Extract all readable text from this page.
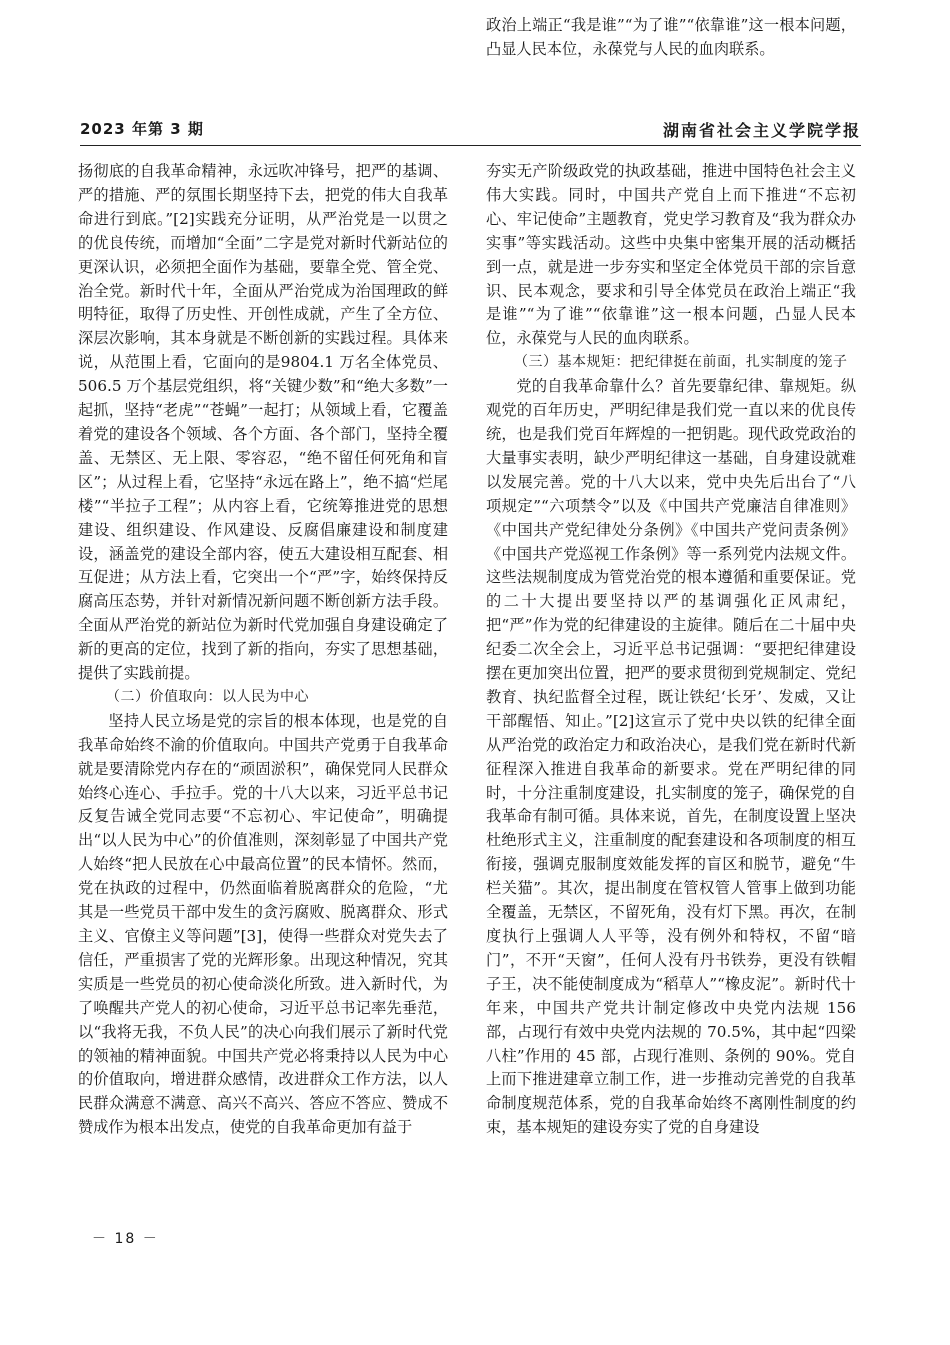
政治上端正“我是谁”“为了谁”“依靠谁”这一根本问题，凸显人民本位，永葆党与人民的血肉联系。

2023 年第 3 期	湖南省社会主义学院学报

扬彻底的自我革命精神，永远吹冲锋号，把严的基调、严的措施、严的氛围长期坚持下去，把党的伟大自我革命进行到底。”[2]实践充分证明，从严治党是一以贯之的优良传统，而增加“全面”二字是党对新时代新站位的更深认识，必须把全面作为基础，要靠全党、管全党、治全党。新时代十年，全面从严治党成为治国理政的鲜明特征，取得了历史性、开创性成就，产生了全方位、深层次影响，其本身就是不断创新的实践过程。具体来说，从范围上看，它面向的是9804.1 万名全体党员、506.5 万个基层党组织，将“关键少数”和“绝大多数”一起抓，坚持“老虎”“苍蝇”一起打；从领域上看，它覆盖着党的建设各个领域、各个方面、各个部门，坚持全覆盖、无禁区、无上限、零容忍，“绝不留任何死角和盲区”；从过程上看，它坚持“永远在路上”，绝不搞“烂尾楼”“半拉子工程”；从内容上看，它统筹推进党的思想建设、组织建设、作风建设、反腐倡廉建设和制度建设，涵盖党的建设全部内容，使五大建设相互配套、相互促进；从方法上看，它突出一个“严”字，始终保持反腐高压态势，并针对新情况新问题不断创新方法手段。全面从严治党的新站位为新时代党加强自身建设确定了新的更高的定位，找到了新的指向，夯实了思想基础，提供了实践前提。

（二）价值取向：以人民为中心

坚持人民立场是党的宗旨的根本体现，也是党的自我革命始终不渝的价值取向。中国共产党勇于自我革命就是要清除党内存在的“顽固淤积”，确保党同人民群众始终心连心、手拉手。党的十八大以来，习近平总书记反复告诫全党同志要“不忘初心、牢记使命”，明确提出“以人民为中心”的价值准则，深刻彰显了中国共产党人始终“把人民放在心中最高位置”的民本情怀。然而，党在执政的过程中，仍然面临着脱离群众的危险，“尤其是一些党员干部中发生的贪污腐败、脱离群众、形式主义、官僚主义等问题”[3]，使得一些群众对党失去了信任，严重损害了党的光辉形象。出现这种情况，究其实质是一些党员的初心使命淡化所致。进入新时代，为了唤醒共产党人的初心使命，习近平总书记率先垂范，以“我将无我，不负人民”的决心向我们展示了新时代党的领袖的精神面貌。中国共产党必将秉持以人民为中心的价值取向，增进群众感情，改进群众工作方法，以人民群众满意不满意、高兴不高兴、答应不答应、赞成不赞成作为根本出发点，使党的自我革命更加有益于

夯实无产阶级政党的执政基础，推进中国特色社会主义伟大实践。同时，中国共产党自上而下推进“不忘初心、牢记使命”主题教育，党史学习教育及“我为群众办实事”等实践活动。这些中央集中密集开展的活动概括到一点，就是进一步夯实和坚定全体党员干部的宗旨意识、民本观念，要求和引导全体党员在政治上端正“我是谁”“为了谁”“依靠谁”这一根本问题，凸显人民本位，永葆党与人民的血肉联系。

（三）基本规矩：把纪律挺在前面，扎实制度的笼子

党的自我革命靠什么？首先要靠纪律、靠规矩。纵观党的百年历史，严明纪律是我们党一直以来的优良传统，也是我们党百年辉煌的一把钥匙。现代政党政治的大量事实表明，缺少严明纪律这一基础，自身建设就难以发展完善。党的十八大以来，党中央先后出台了“八项规定”“六项禁令”以及《中国共产党廉洁自律准则》《中国共产党纪律处分条例》《中国共产党问责条例》《中国共产党巡视工作条例》等一系列党内法规文件。这些法规制度成为管党治党的根本遵循和重要保证。党的二十大提出要坚持以严的基调强化正风肃纪，把“严”作为党的纪律建设的主旋律。随后在二十届中央纪委二次全会上，习近平总书记强调：“要把纪律建设摆在更加突出位置，把严的要求贯彻到党规制定、党纪教育、执纪监督全过程，既让铁纪‘长牙’、发威，又让干部醒悟、知止。”[2]这宣示了党中央以铁的纪律全面从严治党的政治定力和政治决心，是我们党在新时代新征程深入推进自我革命的新要求。党在严明纪律的同时，十分注重制度建设，扎实制度的笼子，确保党的自我革命有制可循。具体来说，首先，在制度设置上坚决杜绝形式主义，注重制度的配套建设和各项制度的相互衔接，强调克服制度效能发挥的盲区和脱节，避免“牛栏关猫”。其次，提出制度在管权管人管事上做到功能全覆盖，无禁区，不留死角，没有灯下黑。再次，在制度执行上强调人人平等，没有例外和特权，不留“暗门”，不开“天窗”，任何人没有丹书铁券，更没有铁帽子王，决不能使制度成为“稻草人”“橡皮泥”。新时代十年来，中国共产党共计制定修改中央党内法规 156 部，占现行有效中央党内法规的 70.5%，其中起“四梁八柱”作用的 45 部，占现行准则、条例的 90%。党自上而下推进建章立制工作，进一步推动完善党的自我革命制度规范体系，党的自我革命始终不离刚性制度的约束，基本规矩的建设夯实了党的自身建设

－ 18 －
